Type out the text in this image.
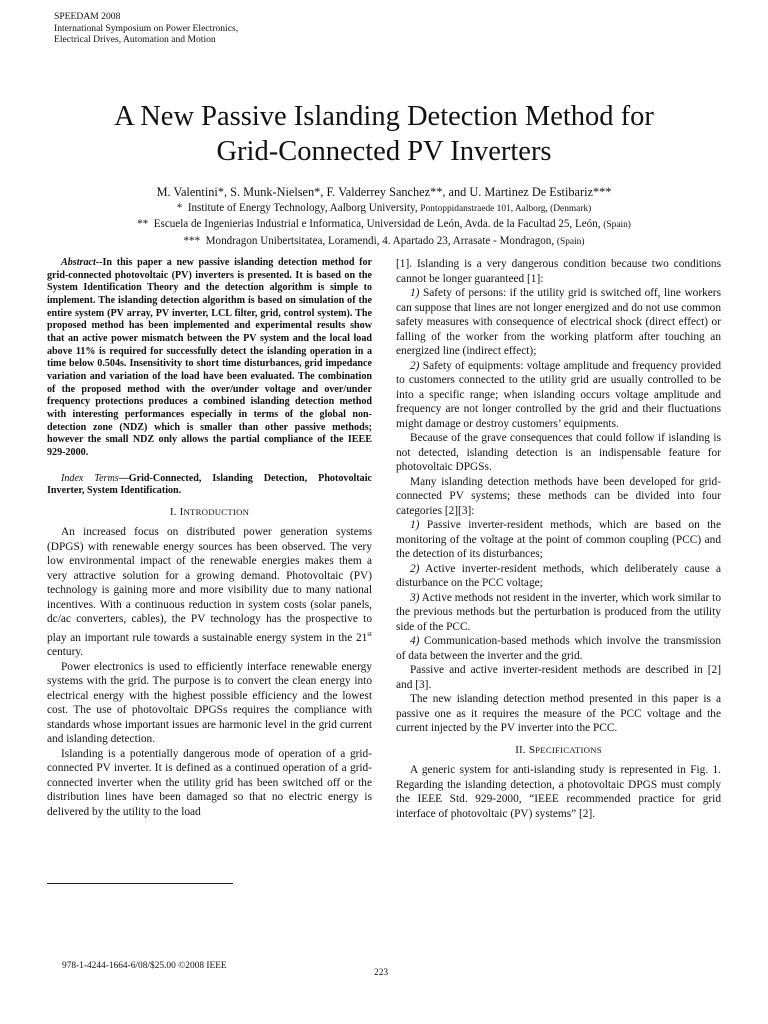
SPEEDAM 2008
International Symposium on Power Electronics,
Electrical Drives, Automation and Motion
A New Passive Islanding Detection Method for
Grid-Connected PV Inverters
M. Valentini*, S. Munk-Nielsen*, F. Valderrey Sanchez**, and U. Martinez De Estibariz***
* Institute of Energy Technology, Aalborg University, Pontoppidanstraede 101, Aalborg, (Denmark)
** Escuela de Ingenierias Industrial e Informatica, Universidad de León, Avda. de la Facultad 25, León, (Spain)
*** Mondragon Unibertsitatea, Loramendi, 4. Apartado 23, Arrasate - Mondragon, (Spain)

Abstract--In this paper a new passive islanding detection method for grid-connected photovoltaic (PV) inverters is presented. It is based on the System Identification Theory and the detection algorithm is simple to implement. The islanding detection algorithm is based on simulation of the entire system (PV array, PV inverter, LCL filter, grid, control system). The proposed method has been implemented and experimental results show that an active power mismatch between the PV system and the local load above 11% is required for successfully detect the islanding operation in a time below 0.504s. Insensitivity to short time disturbances, grid impedance variation and variation of the load have been evaluated. The combination of the proposed method with the over/under voltage and over/under frequency protections produces a combined islanding detection method with interesting performances especially in terms of the global non-detection zone (NDZ) which is smaller than other passive methods; however the small NDZ only allows the partial compliance of the IEEE 929-2000.

Index Terms—Grid-Connected, Islanding Detection, Photovoltaic Inverter, System Identification.

I. INTRODUCTION

An increased focus on distributed power generation systems (DPGS) with renewable energy sources has been observed. The very low environmental impact of the renewable energies makes them a very attractive solution for a growing demand. Photovoltaic (PV) technology is gaining more and more visibility due to many national incentives. With a continuous reduction in system costs (solar panels, dc/ac converters, cables), the PV technology has the prospective to play an important rule towards a sustainable energy system in the 21st century.

Power electronics is used to efficiently interface renewable energy systems with the grid. The purpose is to convert the clean energy into electrical energy with the highest possible efficiency and the lowest cost. The use of photovoltaic DPGSs requires the compliance with standards whose important issues are harmonic level in the grid current and islanding detection.

Islanding is a potentially dangerous mode of operation of a grid-connected PV inverter. It is defined as a continued operation of a grid-connected inverter when the utility grid has been switched off or the distribution lines have been damaged so that no electric energy is delivered by the utility to the load

[1]. Islanding is a very dangerous condition because two conditions cannot be longer guaranteed [1]:

1) Safety of persons: if the utility grid is switched off, line workers can suppose that lines are not longer energized and do not use common safety measures with consequence of electrical shock (direct effect) or falling of the worker from the working platform after touching an energized line (indirect effect);

2) Safety of equipments: voltage amplitude and frequency provided to customers connected to the utility grid are usually controlled to be into a specific range; when islanding occurs voltage amplitude and frequency are not longer controlled by the grid and their fluctuations might damage or destroy customers’ equipments.

Because of the grave consequences that could follow if islanding is not detected, islanding detection is an indispensable feature for photovoltaic DPGSs.

Many islanding detection methods have been developed for grid-connected PV systems; these methods can be divided into four categories [2][3]:

1) Passive inverter-resident methods, which are based on the monitoring of the voltage at the point of common coupling (PCC) and the detection of its disturbances;

2) Active inverter-resident methods, which deliberately cause a disturbance on the PCC voltage;

3) Active methods not resident in the inverter, which work similar to the previous methods but the perturbation is produced from the utility side of the PCC.

4) Communication-based methods which involve the transmission of data between the inverter and the grid.

Passive and active inverter-resident methods are described in [2] and [3].

The new islanding detection method presented in this paper is a passive one as it requires the measure of the PCC voltage and the current injected by the PV inverter into the PCC.

II. SPECIFICATIONS

A generic system for anti-islanding study is represented in Fig. 1. Regarding the islanding detection, a photovoltaic DPGS must comply the IEEE Std. 929-2000, “IEEE recommended practice for grid interface of photovoltaic (PV) systems” [2].

978-1-4244-1664-6/08/$25.00 ©2008 IEEE
223
